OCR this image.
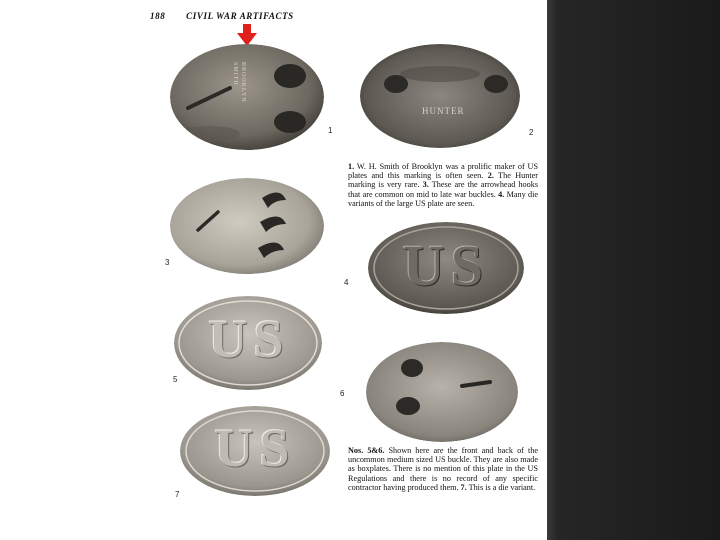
188 CIVIL WAR ARTIFACTS
SMITH BROOKLYN
1
HUNTER
2
3	US
4
US
5
6
US
7
1. W. H. Smith of Brooklyn was a prolific maker of US plates and this marking is often seen. 2. The Hunter marking is very rare. 3. These are the arrowhead hooks that are common on mid to late war buckles. 4. Many die variants of the large US plate are seen.
Nos. 5&6. Shown here are the front and back of the uncommon medium sized US buckle. They are also made as boxplates. There is no mention of this plate in the US Regulations and there is no record of any specific contractor having produced them. 7. This is a die variant.
